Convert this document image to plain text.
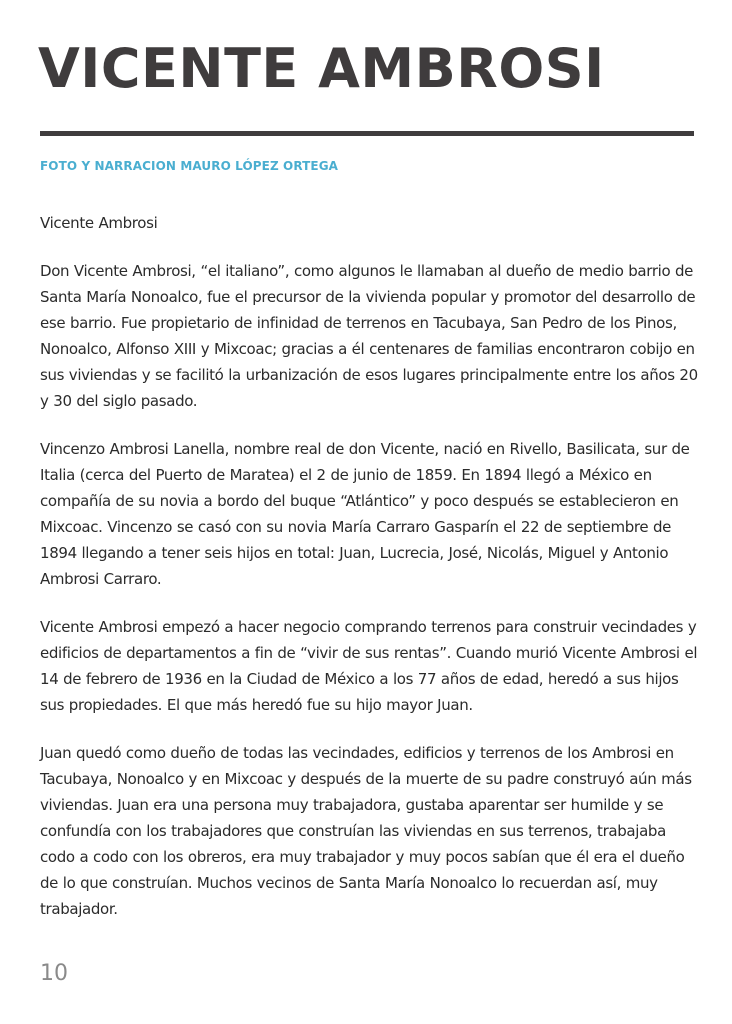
VICENTE AMBROSI

FOTO Y NARRACION MAURO LÓPEZ ORTEGA

Vicente Ambrosi

Don Vicente Ambrosi, “el italiano”, como algunos le llamaban al dueño de medio barrio de Santa María Nonoalco, fue el precursor de la vivienda popular y promotor del desarrollo de ese barrio. Fue propietario de infinidad de terrenos en Tacubaya, San Pedro de los Pinos, Nonoalco, Alfonso XIII y Mixcoac; gracias a él centenares de familias encontraron cobijo en sus viviendas y se facilitó la urbanización de esos lugares principalmente entre los años 20 y 30 del siglo pasado.

Vincenzo Ambrosi Lanella, nombre real de don Vicente, nació en Rivello, Basilicata, sur de Italia (cerca del Puerto de Maratea) el 2 de junio de 1859. En 1894 llegó a México en compañía de su novia a bordo del buque “Atlántico” y poco después se establecieron en Mixcoac. Vincenzo se casó con su novia María Carraro Gasparín el 22 de septiembre de 1894 llegando a tener seis hijos en total: Juan, Lucrecia, José, Nicolás, Miguel y Antonio Ambrosi Carraro.

Vicente Ambrosi empezó a hacer negocio comprando terrenos para construir vecindades y edificios de departamentos a fin de “vivir de sus rentas”. Cuando murió Vicente Ambrosi el 14 de febrero de 1936 en la Ciudad de México a los 77 años de edad, heredó a sus hijos sus propiedades. El que más heredó fue su hijo mayor Juan.

Juan quedó como dueño de todas las vecindades, edificios y terrenos de los Ambrosi en Tacubaya, Nonoalco y en Mixcoac y después de la muerte de su padre construyó aún más viviendas. Juan era una persona muy trabajadora, gustaba aparentar ser humilde y se confundía con los trabajadores que construían las viviendas en sus terrenos, trabajaba codo a codo con los obreros, era muy trabajador y muy pocos sabían que él era el dueño de lo que construían. Muchos vecinos de Santa María Nonoalco lo recuerdan así, muy trabajador.

10
